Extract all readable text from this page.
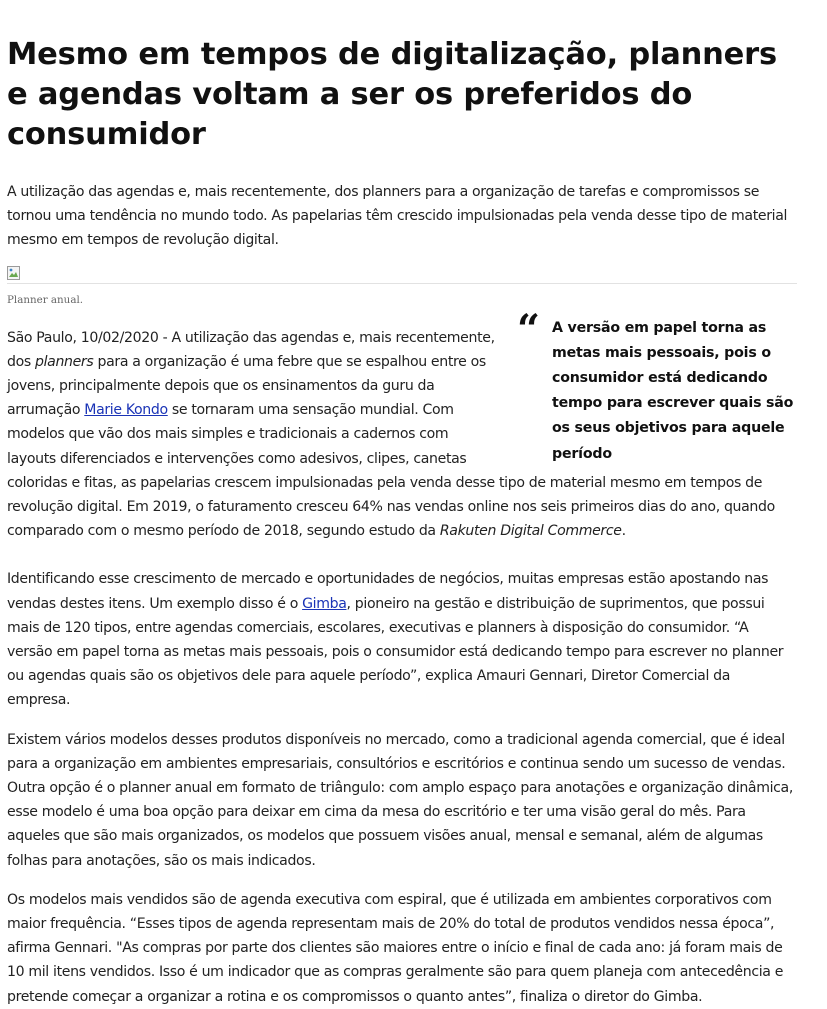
Mesmo em tempos de digitalização, planners e agendas voltam a ser os preferidos do consumidor

A utilização das agendas e, mais recentemente, dos planners para a organização de tarefas e compromissos se tornou uma tendência no mundo todo. As papelarias têm crescido impulsionadas pela venda desse tipo de material mesmo em tempos de revolução digital.

Planner anual.
“ A versão em papel torna as metas mais pessoais, pois o consumidor está dedicando tempo para escrever quais são os seus objetivos para aquele período

São Paulo, 10/02/2020 - A utilização das agendas e, mais recentemente, dos planners para a organização é uma febre que se espalhou entre os jovens, principalmente depois que os ensinamentos da guru da arrumação Marie Kondo se tornaram uma sensação mundial. Com modelos que vão dos mais simples e tradicionais a cadernos com layouts diferenciados e intervenções como adesivos, clipes, canetas coloridas e fitas, as papelarias crescem impulsionadas pela venda desse tipo de material mesmo em tempos de revolução digital. Em 2019, o faturamento cresceu 64% nas vendas online nos seis primeiros dias do ano, quando comparado com o mesmo período de 2018, segundo estudo da Rakuten Digital Commerce.

Identificando esse crescimento de mercado e oportunidades de negócios, muitas empresas estão apostando nas vendas destes itens. Um exemplo disso é o Gimba, pioneiro na gestão e distribuição de suprimentos, que possui mais de 120 tipos, entre agendas comerciais, escolares, executivas e planners à disposição do consumidor. “A versão em papel torna as metas mais pessoais, pois o consumidor está dedicando tempo para escrever no planner ou agendas quais são os objetivos dele para aquele período”, explica Amauri Gennari, Diretor Comercial da empresa.

Existem vários modelos desses produtos disponíveis no mercado, como a tradicional agenda comercial, que é ideal para a organização em ambientes empresariais, consultórios e escritórios e continua sendo um sucesso de vendas. Outra opção é o planner anual em formato de triângulo: com amplo espaço para anotações e organização dinâmica, esse modelo é uma boa opção para deixar em cima da mesa do escritório e ter uma visão geral do mês. Para aqueles que são mais organizados, os modelos que possuem visões anual, mensal e semanal, além de algumas folhas para anotações, são os mais indicados.

Os modelos mais vendidos são de agenda executiva com espiral, que é utilizada em ambientes corporativos com maior frequência. “Esses tipos de agenda representam mais de 20% do total de produtos vendidos nessa época”, afirma Gennari. "As compras por parte dos clientes são maiores entre o início e final de cada ano: já foram mais de 10 mil itens vendidos. Isso é um indicador que as compras geralmente são para quem planeja com antecedência e pretende começar a organizar a rotina e os compromissos o quanto antes”, finaliza o diretor do Gimba.
